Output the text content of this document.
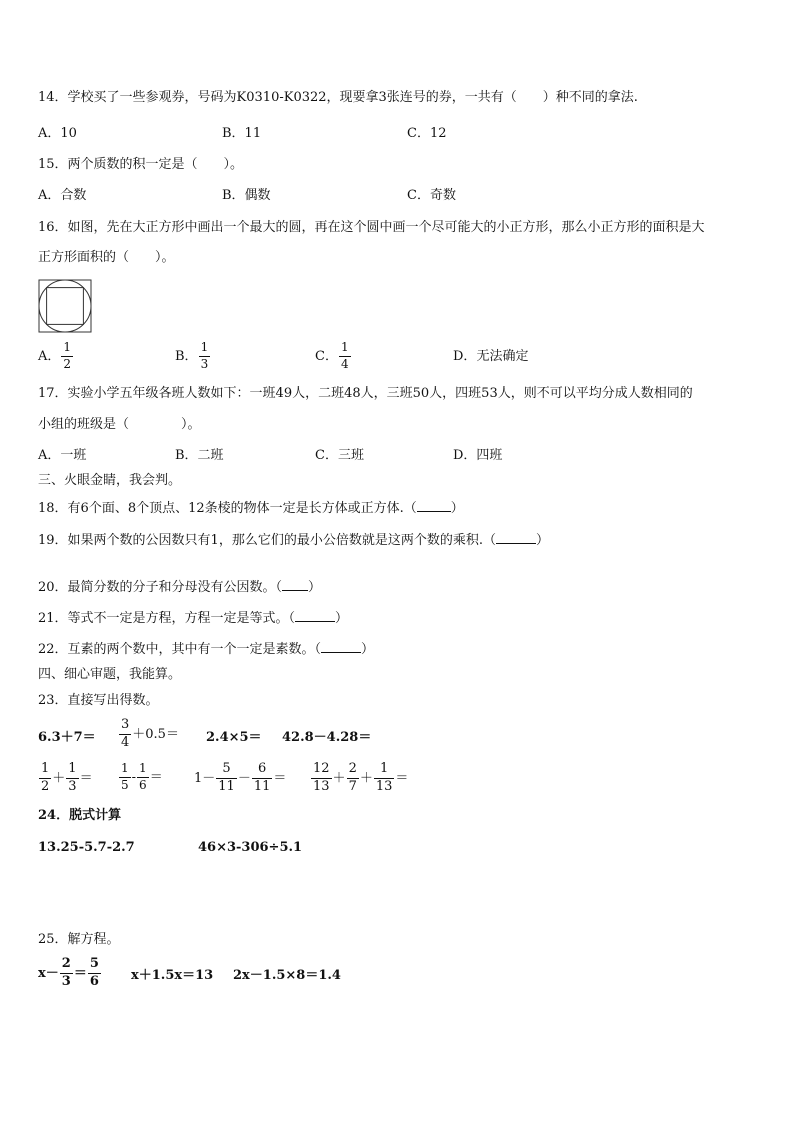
14．学校买了一些参观券，号码为K0310-K0322，现要拿3张连号的券，一共有（　　）种不同的拿法.
A．10	B．11	C．12
15．两个质数的积一定是（　　）。
A．合数	B．偶数	C．奇数
16．如图，先在大正方形中画出一个最大的圆，再在这个圆中画一个尽可能大的小正方形，那么小正方形的面积是大
正方形面积的（　　）。
A． $\frac{1}{2}$	B． $\frac{1}{3}$	C． $\frac{1}{4}$	D．无法确定
17．实验小学五年级各班人数如下：一班49人，二班48人，三班50人，四班53人，则不可以平均分成人数相同的
小组的班级是（　　　　）。
A．一班	B．二班	C．三班	D．四班
三、火眼金睛，我会判。
18．有6个面、8个顶点、12条棱的物体一定是长方体或正方体.（	）
19．如果两个数的公因数只有1，那么它们的最小公倍数就是这两个数的乘积.（	）
20．最简分数的分子和分母没有公因数。（ ）
21．等式不一定是方程，方程一定是等式。（	）
22．互素的两个数中，其中有一个一定是素数。（	）
四、细心审题，我能算。
23．直接写出得数。
$6.3+7= \frac{3}{4} +0.5= 2.4\times 5= 42.8-4.28=$
$\frac{1}{2} + \frac{1}{3} = \frac{1}{5} - \frac{1}{6} = 1- \frac{5}{11} - \frac{6}{11} = \frac{12}{13} + \frac{2}{7} + \frac{1}{13}$ ＝
24．脱式计算
13.25-5.7-2.7	46×3-306÷5.1
25．解方程。
$x- \frac{2}{3} = \frac{5}{6} x+1.5x=13$ 2x－1.5×8＝1.4
